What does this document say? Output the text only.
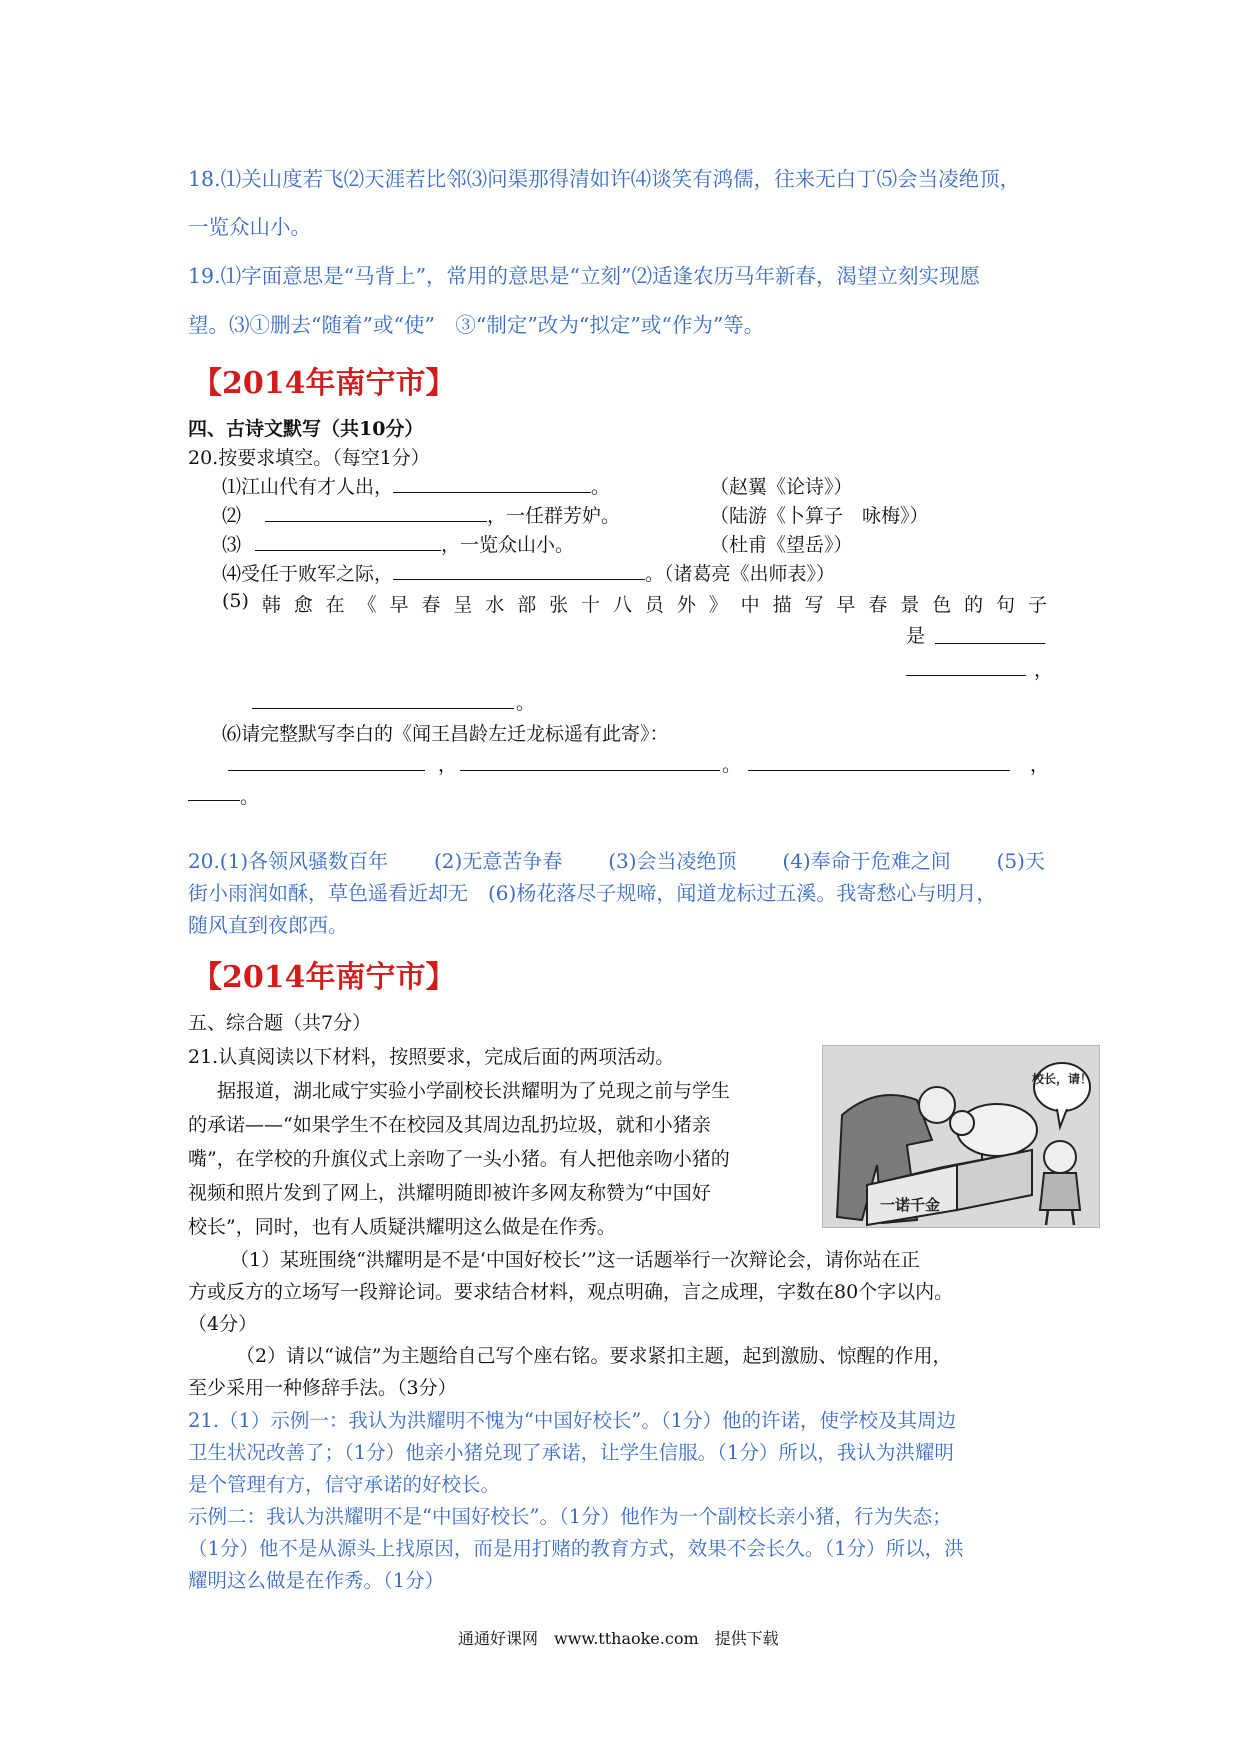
18.⑴关山度若飞⑵天涯若比邻⑶问渠那得清如许⑷谈笑有鸿儒，往来无白丁⑸会当凌绝顶，
一览众山小。
19.⑴字面意思是“马背上”，常用的意思是“立刻”⑵适逢农历马年新春，渴望立刻实现愿
望。⑶①删去“随着”或“使”　③“制定”改为“拟定”或“作为”等。
【2014年南宁市】
四、古诗文默写（共10分）
20.按要求填空。（每空1分）
⑴江山代有才人出，	。	（赵翼《论诗》）
⑵	，一任群芳妒。	（陆游《卜算子　咏梅》）
⑶	，一览众山小。	（杜甫《望岳》）
⑷受任于败军之际，	。（诸葛亮《出师表》）
(5) 韩 愈 在 《 早 春 呈 水 部 张 十 八 员 外 》 中 描 写 早 春 景 色 的 句 子
是
，
。
⑹请完整默写李白的《闻王昌龄左迁龙标遥有此寄》：
，	。	，
。
20.(1)各领风骚数百年 (2)无意苦争春 (3)会当凌绝顶 (4)奉命于危难之间 (5)天
街小雨润如酥，草色遥看近却无　(6)杨花落尽子规啼，闻道龙标过五溪。我寄愁心与明月，
随风直到夜郎西。
【2014年南宁市】
五、综合题（共7分）
21.认真阅读以下材料，按照要求，完成后面的两项活动。
据报道，湖北咸宁实验小学副校长洪耀明为了兑现之前与学生
的承诺——“如果学生不在校园及其周边乱扔垃圾，就和小猪亲
嘴”，在学校的升旗仪式上亲吻了一头小猪。有人把他亲吻小猪的
视频和照片发到了网上，洪耀明随即被许多网友称赞为“中国好
校长”，同时，也有人质疑洪耀明这么做是在作秀。
一诺千金
校长，请！
（1）某班围绕“洪耀明是不是‘中国好校长’”这一话题举行一次辩论会，请你站在正
方或反方的立场写一段辩论词。要求结合材料，观点明确，言之成理，字数在80个字以内。
（4分）
（2）请以“诚信”为主题给自己写个座右铭。要求紧扣主题，起到激励、惊醒的作用，
至少采用一种修辞手法。（3分）
21.（1）示例一：我认为洪耀明不愧为“中国好校长”。（1分）他的许诺，使学校及其周边
卫生状况改善了；（1分）他亲小猪兑现了承诺，让学生信服。（1分）所以，我认为洪耀明
是个管理有方，信守承诺的好校长。
示例二：我认为洪耀明不是“中国好校长”。（1分）他作为一个副校长亲小猪，行为失态；
（1分）他不是从源头上找原因，而是用打赌的教育方式，效果不会长久。（1分）所以，洪
耀明这么做是在作秀。（1分）
通通好课网　www.tthaoke.com　提供下载
